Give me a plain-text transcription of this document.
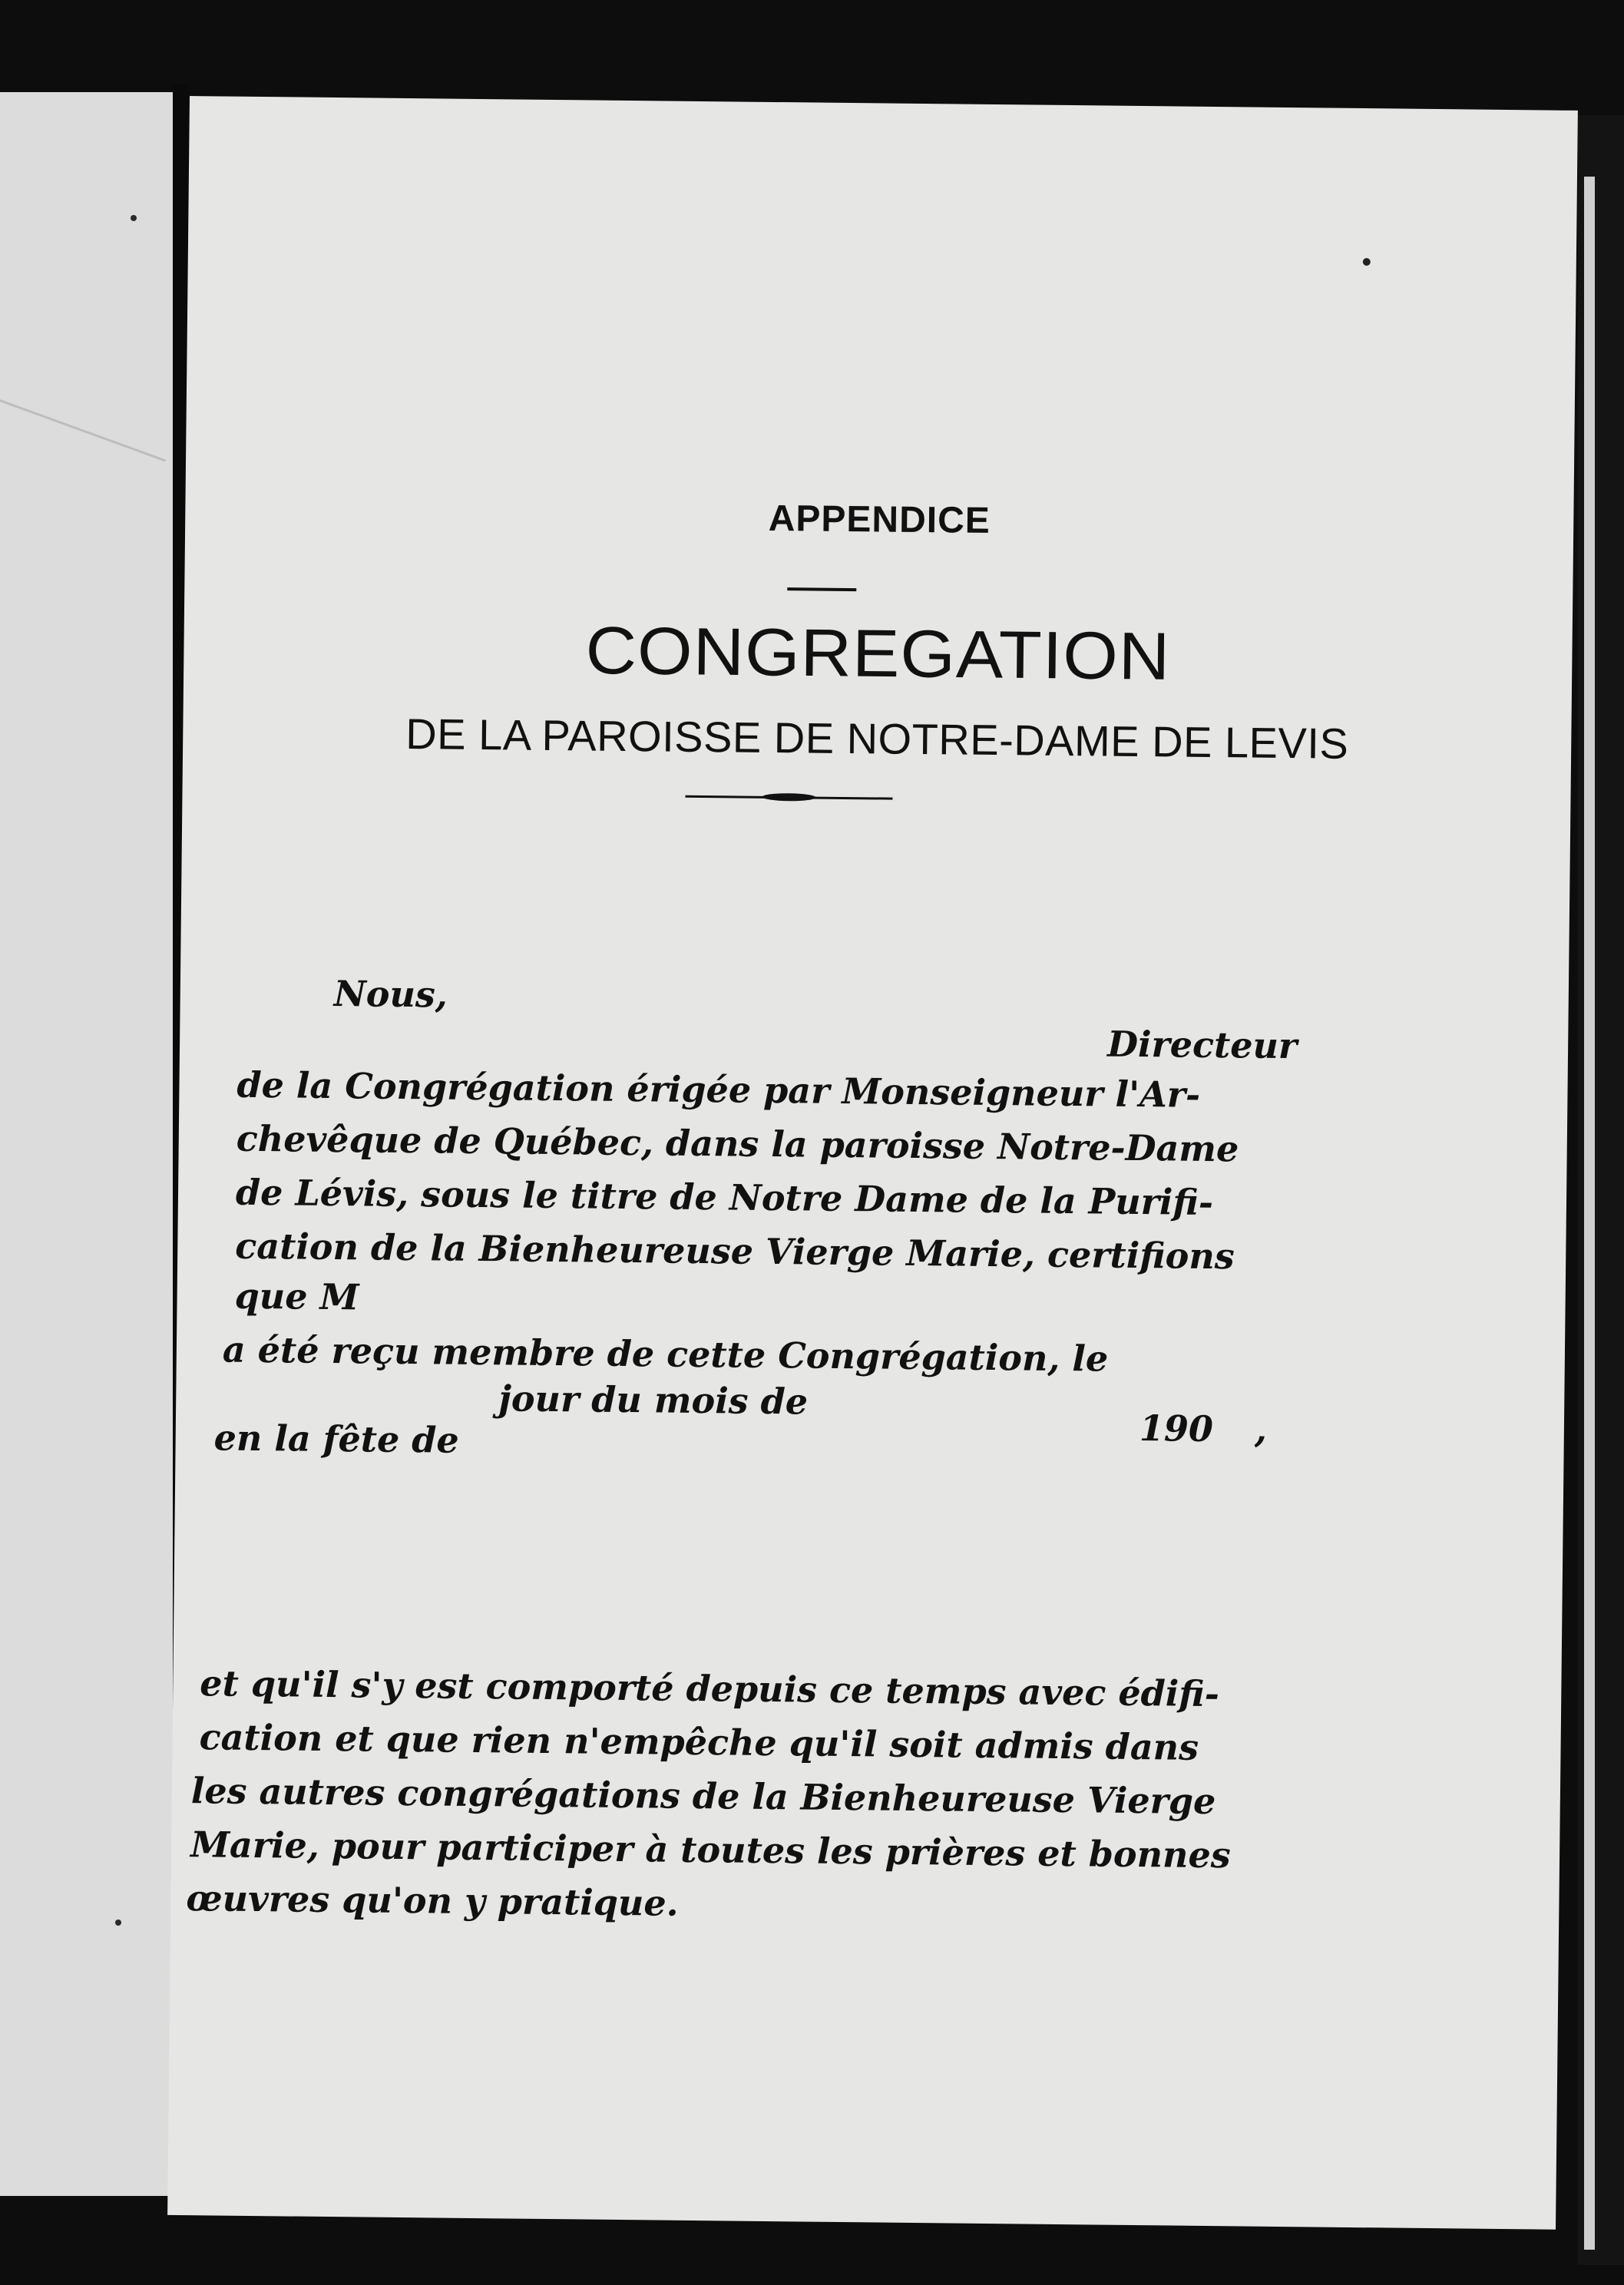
APPENDICE
CONGREGATION
DE LA PAROISSE DE NOTRE-DAME DE LEVIS
Nous,
Directeur
de la Congrégation érigée par Monseigneur l'Ar-
chevêque de Québec, dans la paroisse Notre-Dame
de Lévis, sous le titre de Notre Dame de la Purifi-
cation de la Bienheureuse Vierge Marie, certifions
que M
a été reçu membre de cette Congrégation, le
jour du mois de
190 ,
en la fête de
et qu'il s'y est comporté depuis ce temps avec édifi-
cation et que rien n'empêche qu'il soit admis dans
les autres congrégations de la Bienheureuse Vierge
Marie, pour participer à toutes les prières et bonnes
œuvres qu'on y pratique.
